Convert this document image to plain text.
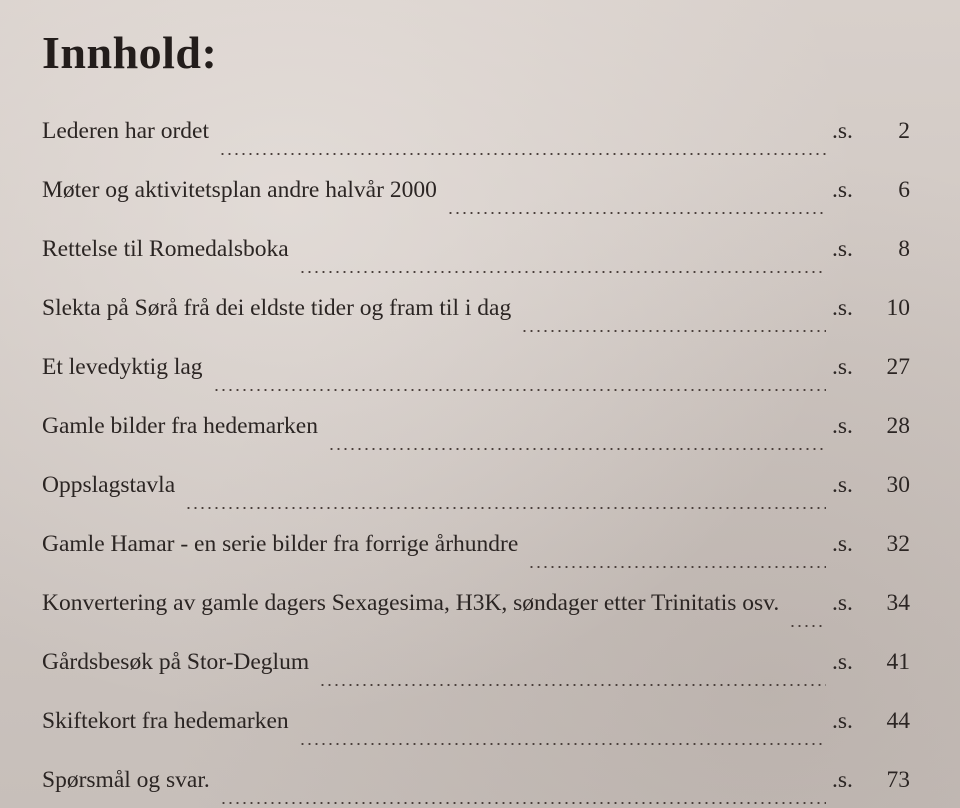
Innhold:
Lederen har ordet	.s.	2
Møter og aktivitetsplan andre halvår 2000	.s.	6
Rettelse til Romedalsboka	.s.	8
Slekta på Sørå frå dei eldste tider og fram til i dag	.s. 10
Et levedyktig lag	.s. 27
Gamle bilder fra hedemarken	.s. 28
Oppslagstavla	.s. 30
Gamle Hamar - en serie bilder fra forrige århundre	.s. 32
Konvertering av gamle dagers Sexagesima, H3K, søndager etter Trinitatis osv. .s. 34
Gårdsbesøk på Stor-Deglum	.s. 41
Skiftekort fra hedemarken	.s. 44
Spørsmål og svar.	.s. 73
